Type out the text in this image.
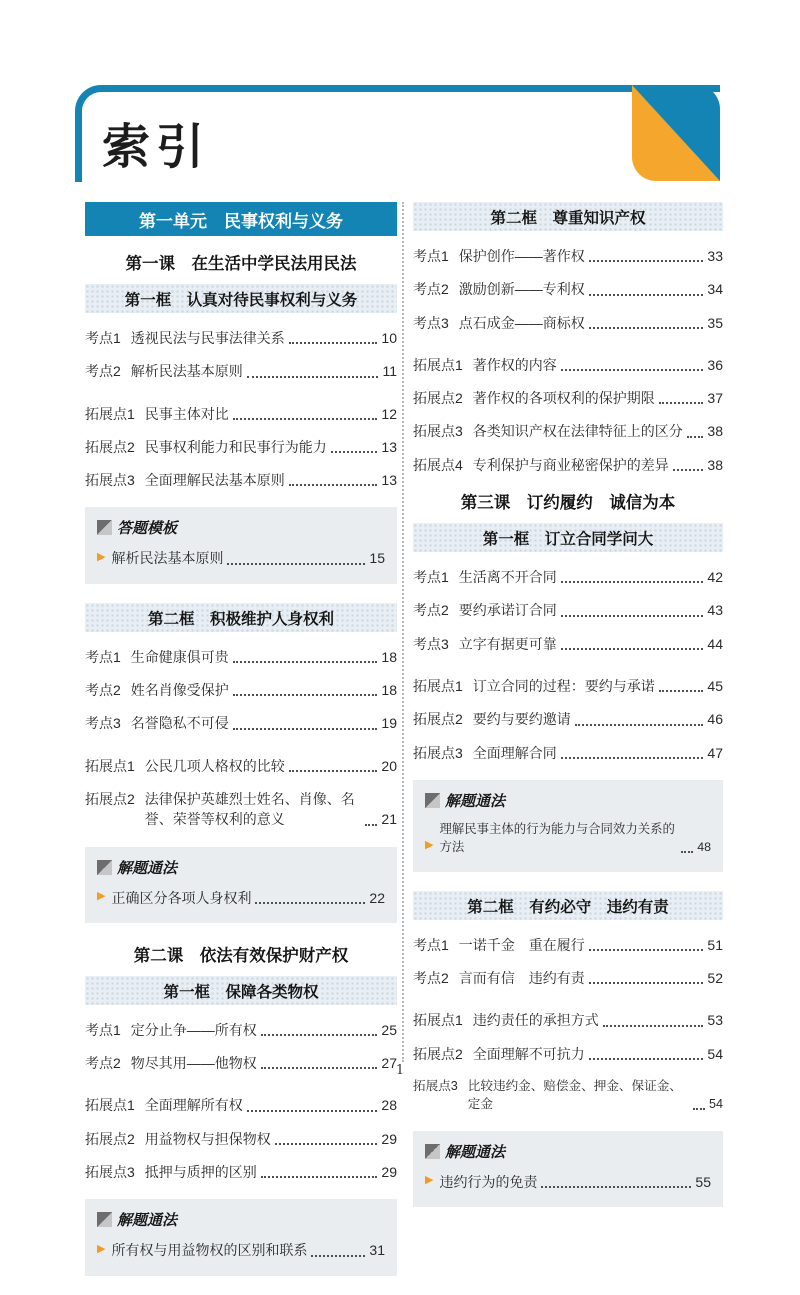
索引
第一单元　民事权利与义务
第一课　在生活中学民法用民法
第一框　认真对待民事权利与义务
考点1 透视民法与民事法律关系	10
考点2 解析民法基本原则	11
拓展点1 民事主体对比	12
拓展点2 民事权利能力和民事行为能力	13
拓展点3 全面理解民法基本原则	13
答题模板
▶ 解析民法基本原则	15
第二框　积极维护人身权利
考点1 生命健康俱可贵	18
考点2 姓名肖像受保护	18
考点3 名誉隐私不可侵	19
拓展点1 公民几项人格权的比较	20
拓展点2 法律保护英雄烈士姓名、肖像、名誉、荣誉等权利的意义	21
解题通法
▶ 正确区分各项人身权利	22
第二课　依法有效保护财产权
第一框　保障各类物权
考点1 定分止争——所有权	25
考点2 物尽其用——他物权	27
拓展点1 全面理解所有权	28
拓展点2 用益物权与担保物权	29
拓展点3 抵押与质押的区别	29
解题通法
▶ 所有权与用益物权的区别和联系	31
第二框　尊重知识产权
考点1 保护创作——著作权	33
考点2 激励创新——专利权	34
考点3 点石成金——商标权	35
拓展点1 著作权的内容	36
拓展点2 著作权的各项权利的保护期限	37
拓展点3 各类知识产权在法律特征上的区分 38
拓展点4 专利保护与商业秘密保护的差异	38
第三课　订约履约　诚信为本
第一框　订立合同学问大
考点1 生活离不开合同	42
考点2 要约承诺订合同	43
考点3 立字有据更可靠	44
拓展点1 订立合同的过程：要约与承诺	45
拓展点2 要约与要约邀请	46
拓展点3 全面理解合同	47
解题通法
▶
理解民事主体的行为能力与合同效力关系的方法	48
第二框　有约必守　违约有责
考点1 一诺千金　重在履行	51
考点2 言而有信　违约有责	52
拓展点1 违约责任的承担方式	53
拓展点2 全面理解不可抗力	54
拓展点3 比较违约金、赔偿金、押金、保证金、定金	54
解题通法
▶ 违约行为的免责	55
1
